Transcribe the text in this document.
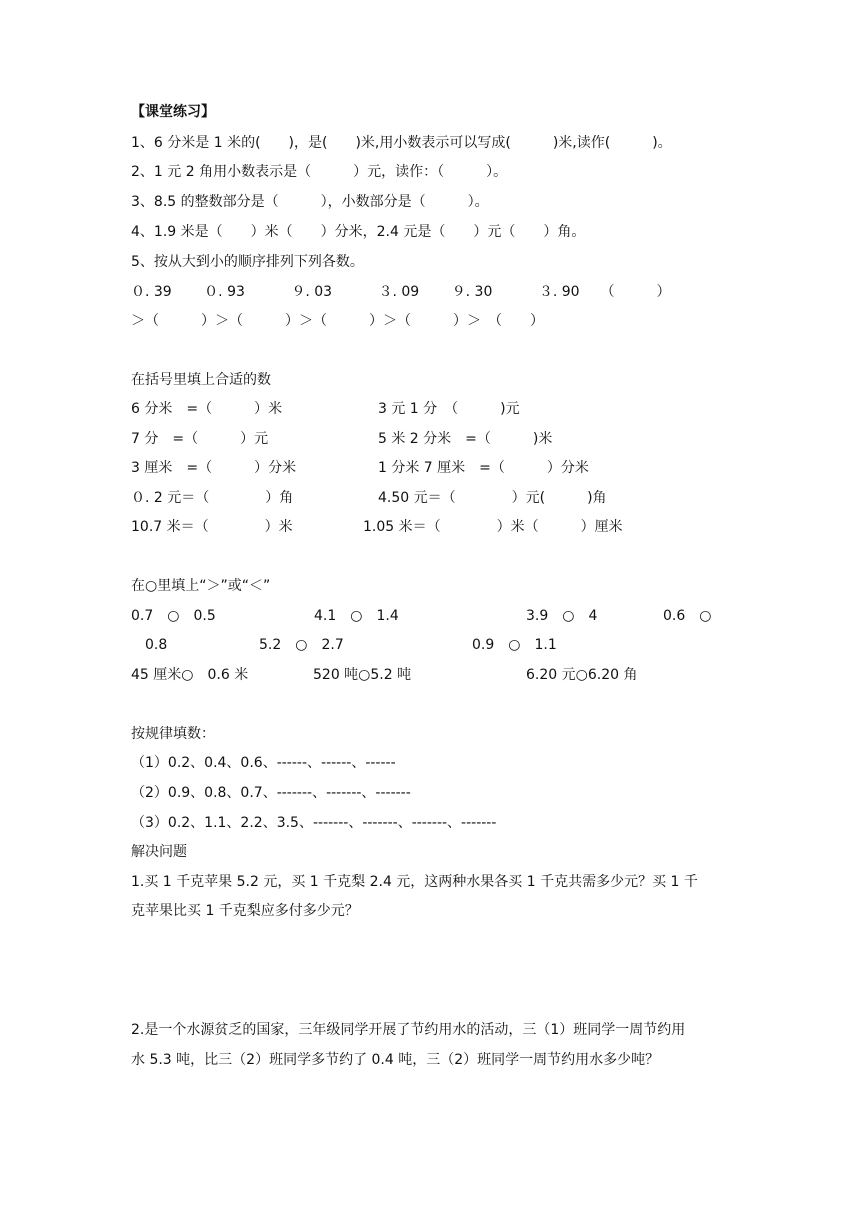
【课堂练习】

1、6 分米是 1 米的(　　)，是(　　)米,用小数表示可以写成(　　　)米,读作(　　　)。

2、1 元 2 角用小数表示是（　　　）元，读作：（　　　）。

3、8.5 的整数部分是（　　　），小数部分是（　　　）。

4、1.9 米是（　　）米（　　）分米，2.4 元是（　　）元（　　）角。

5、按从大到小的顺序排列下列各数。

０. 39　　 ０. 93　　　 ９. 03　　　 ３. 09　　 ９. 30　　　 ３. 90　　（　　　）

＞（　　　）＞（　　　）＞（　　　）＞（　　　）＞　（　　）

在括号里填上合适的数

6 分米　=（　　　）米	3 元 1 分　（　　　)元

7 分　=（　　　）元	5 米 2 分米　=（　　　)米

3 厘米　=（　　　）分米	1 分米 7 厘米　=（　　　）分米

０. 2 元＝（　　　　）角	4.50 元＝（　　　　）元(　　　)角

10.7 米＝（　　　　）米	1.05 米＝（　　　　）米（　　　）厘米

在○里填上“＞”或“＜”

0.7　○　0.5	4.1　○　1.4	3.9　○　4	0.6　○

0.8	5.2　○　2.7	0.9　○　1.1

45 厘米○　0.6 米	520 吨○5.2 吨	6.20 元○6.20 角

按规律填数：

（1）0.2、0.4、0.6、------、------、------

（2）0.9、0.8、0.7、-------、-------、-------

（3）0.2、1.1、2.2、3.5、-------、-------、-------、-------

解决问题

1.买 1 千克苹果 5.2 元，买 1 千克梨 2.4 元，这两种水果各买 1 千克共需多少元？买 1 千

克苹果比买 1 千克梨应多付多少元？

2.是一个水源贫乏的国家，三年级同学开展了节约用水的活动，三（1）班同学一周节约用

水 5.3 吨，比三（2）班同学多节约了 0.4 吨，三（2）班同学一周节约用水多少吨？
